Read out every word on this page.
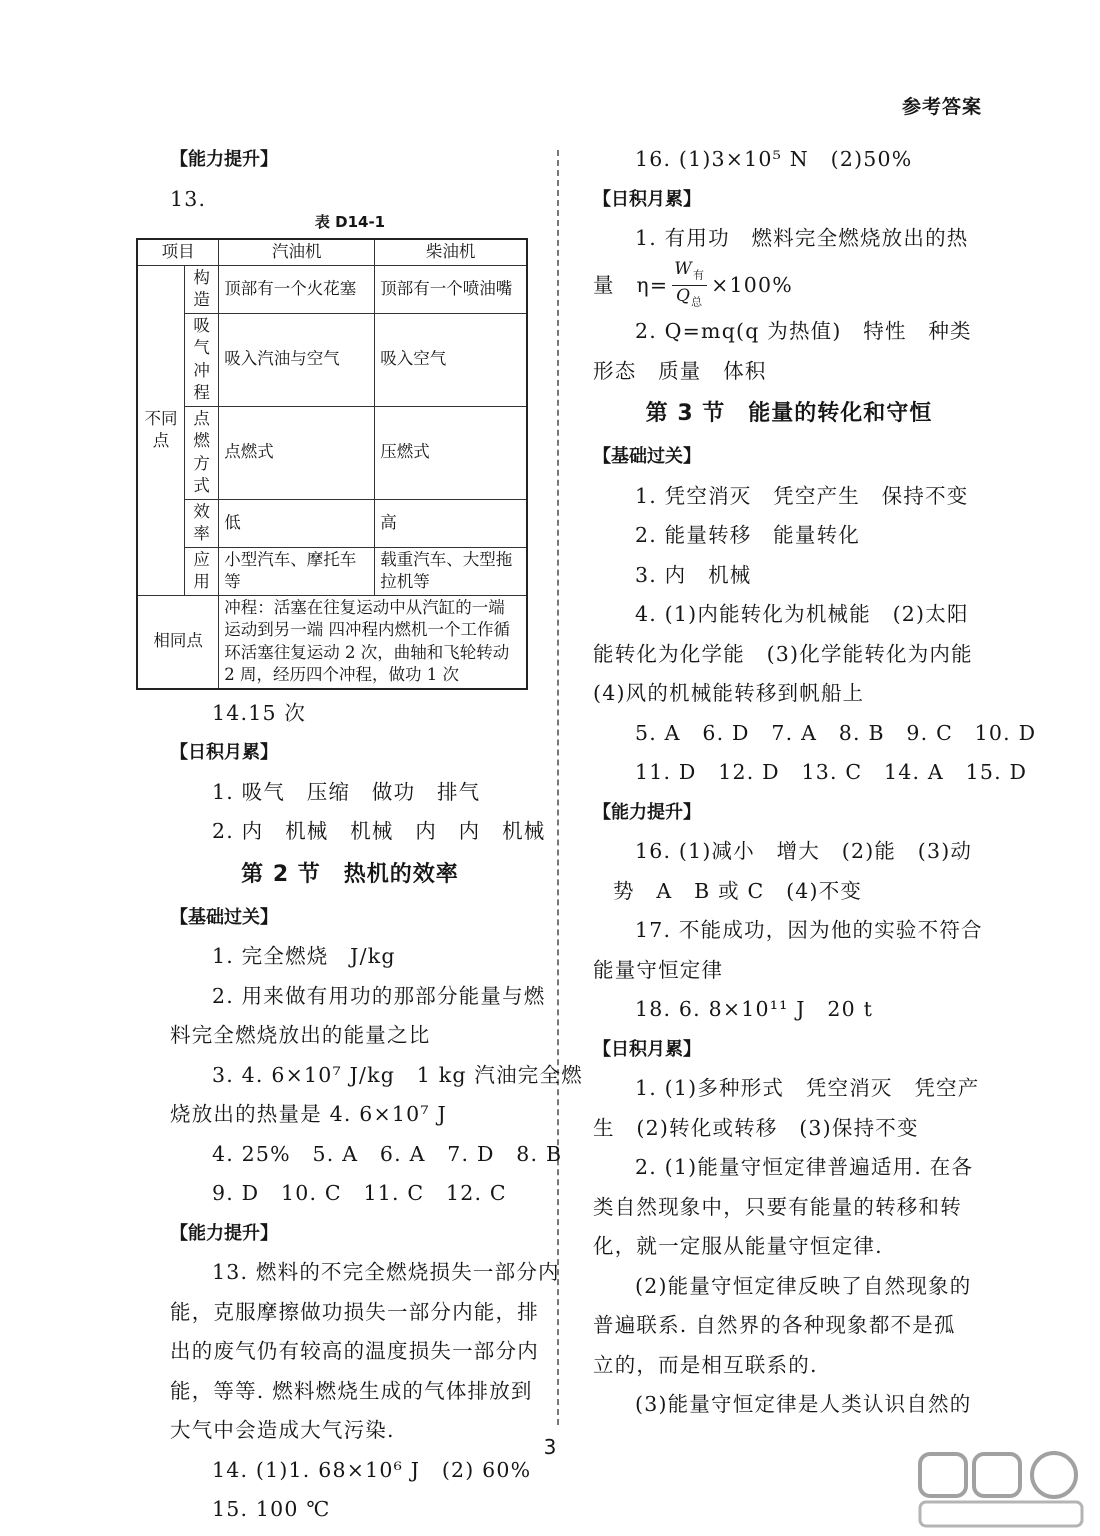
参考答案
【能力提升】
13.
表 D14-1
项目		汽油机	柴油机
不同点	构造	顶部有一个火花塞	顶部有一个喷油嘴
	吸气冲程	吸入汽油与空气	吸入空气
	点燃方式	点燃式	压燃式
	效率	低	高
	应用	小型汽车、摩托车等	载重汽车、大型拖拉机等
相同点		冲程：活塞在往复运动中从汽缸的一端运动到另一端 四冲程内燃机一个工作循环活塞往复运动 2 次，曲轴和飞轮转动 2 周，经历四个冲程，做功 1 次	
14.15 次
【日积月累】
1. 吸气　压缩　做功　排气
2. 内　机械　机械　内　内　机械
第 2 节　热机的效率
【基础过关】
1. 完全燃烧　J/kg
2. 用来做有用功的那部分能量与燃
料完全燃烧放出的能量之比
3. 4. 6×10⁷ J/kg　1 kg 汽油完全燃
烧放出的热量是 4. 6×10⁷ J
4. 25%　5. A　6. A　7. D　8. B
9. D　10. C　11. C　12. C
【能力提升】
13. 燃料的不完全燃烧损失一部分内
能，克服摩擦做功损失一部分内能，排
出的废气仍有较高的温度损失一部分内
能，等等. 燃料燃烧生成的气体排放到
大气中会造成大气污染.
14. (1)1. 68×10⁶ J　(2) 60%
15. 100 ℃
16. (1)3×10⁵ N　(2)50%
【日积月累】
1. 有用功　燃料完全燃烧放出的热
量　$\eta= \frac{W_有}{Q_总} \times 100\%$
2. Q=mq(q 为热值)　特性　种类
形态　质量　体积
第 3 节　能量的转化和守恒
【基础过关】
1. 凭空消灭　凭空产生　保持不变
2. 能量转移　能量转化
3. 内　机械
4. (1)内能转化为机械能　(2)太阳
能转化为化学能　(3)化学能转化为内能
(4)风的机械能转移到帆船上
5. A　6. D　7. A　8. B　9. C　10. D
11. D　12. D　13. C　14. A　15. D
【能力提升】
16. (1)减小　增大　(2)能　(3)动
势　A　B 或 C　(4)不变
17. 不能成功，因为他的实验不符合
能量守恒定律
18. 6. 8×10¹¹ J　20 t
【日积月累】
1. (1)多种形式　凭空消灭　凭空产
生　(2)转化或转移　(3)保持不变
2. (1)能量守恒定律普遍适用. 在各
类自然现象中，只要有能量的转移和转
化，就一定服从能量守恒定律.
(2)能量守恒定律反映了自然现象的
普遍联系. 自然界的各种现象都不是孤
立的，而是相互联系的.
(3)能量守恒定律是人类认识自然的
3
